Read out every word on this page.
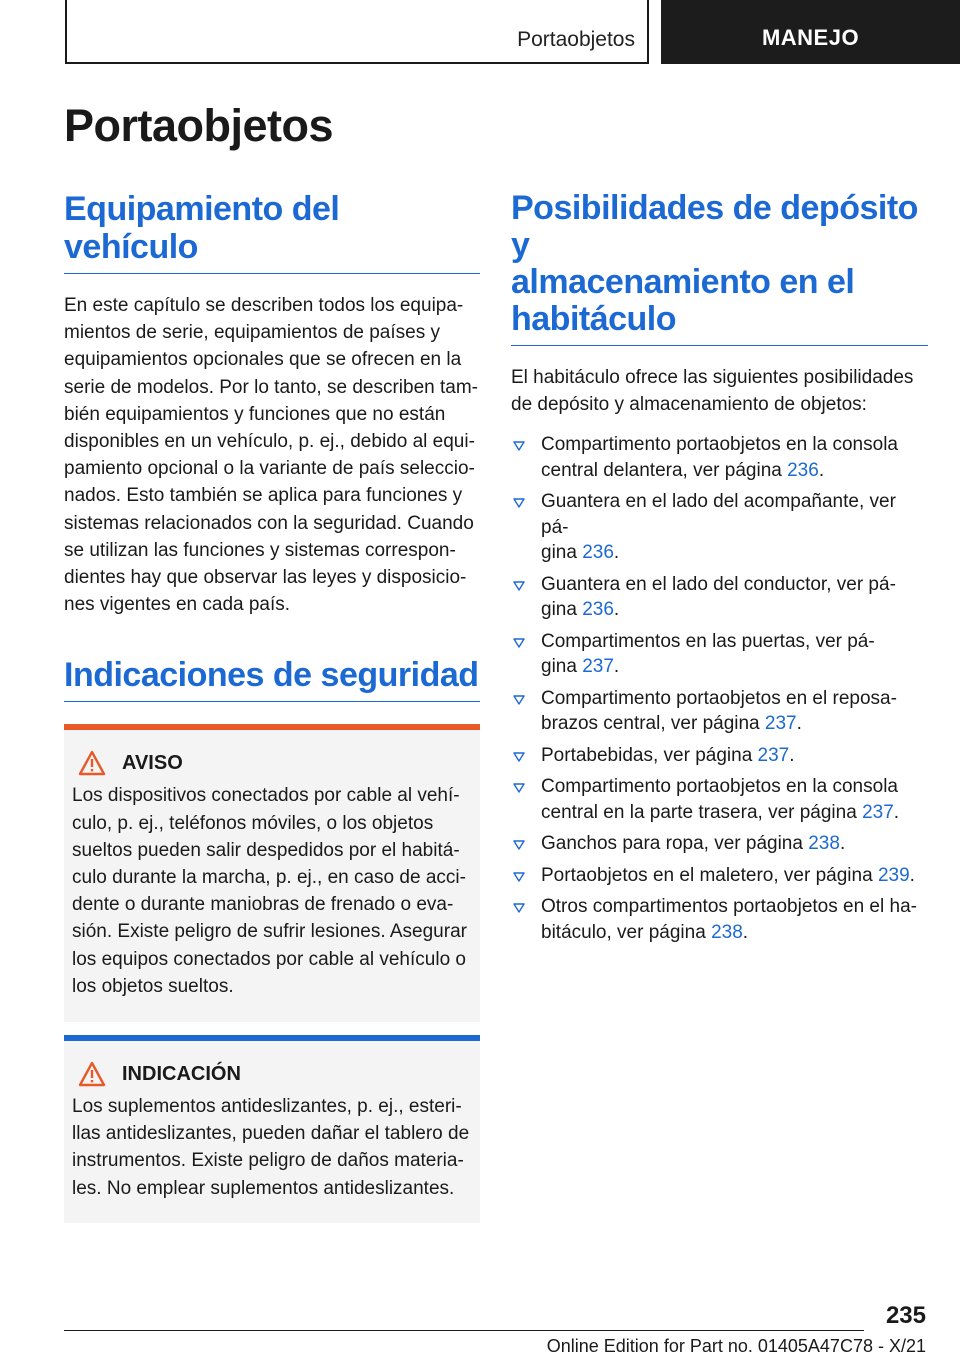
Portaobjetos	MANEJO
Portaobjetos
Equipamiento del vehículo

En este capítulo se describen todos los equipa-
mientos de serie, equipamientos de países y
equipamientos opcionales que se ofrecen en la
serie de modelos. Por lo tanto, se describen tam-
bién equipamientos y funciones que no están
disponibles en un vehículo, p. ej., debido al equi-
pamiento opcional o la variante de país seleccio-
nados. Esto también se aplica para funciones y
sistemas relacionados con la seguridad. Cuando
se utilizan las funciones y sistemas correspon-
dientes hay que observar las leyes y disposicio-
nes vigentes en cada país.

Indicaciones de seguridad
AVISO

Los dispositivos conectados por cable al vehí-
culo, p. ej., teléfonos móviles, o los objetos
sueltos pueden salir despedidos por el habitá-
culo durante la marcha, p. ej., en caso de acci-
dente o durante maniobras de frenado o eva-
sión. Existe peligro de sufrir lesiones. Asegurar
los equipos conectados por cable al vehículo o
los objetos sueltos.

INDICACIÓN

Los suplementos antideslizantes, p. ej., esteri-
llas antideslizantes, pueden dañar el tablero de
instrumentos. Existe peligro de daños materia-
les. No emplear suplementos antideslizantes.

Posibilidades de depósito y
almacenamiento en el
habitáculo

El habitáculo ofrece las siguientes posibilidades
de depósito y almacenamiento de objetos:

Compartimento portaobjetos en la consola
central delantera, ver página 236.
Guantera en el lado del acompañante, ver pá-
gina 236.
Guantera en el lado del conductor, ver pá-
gina 236.
Compartimentos en las puertas, ver pá-
gina 237.
Compartimento portaobjetos en el reposa-
brazos central, ver página 237.
Portabebidas, ver página 237.
Compartimento portaobjetos en la consola
central en la parte trasera, ver página 237.
Ganchos para ropa, ver página 238.
Portaobjetos en el maletero, ver página 239.
Otros compartimentos portaobjetos en el ha-
bitáculo, ver página 238.
235
Online Edition for Part no. 01405A47C78 - X/21
